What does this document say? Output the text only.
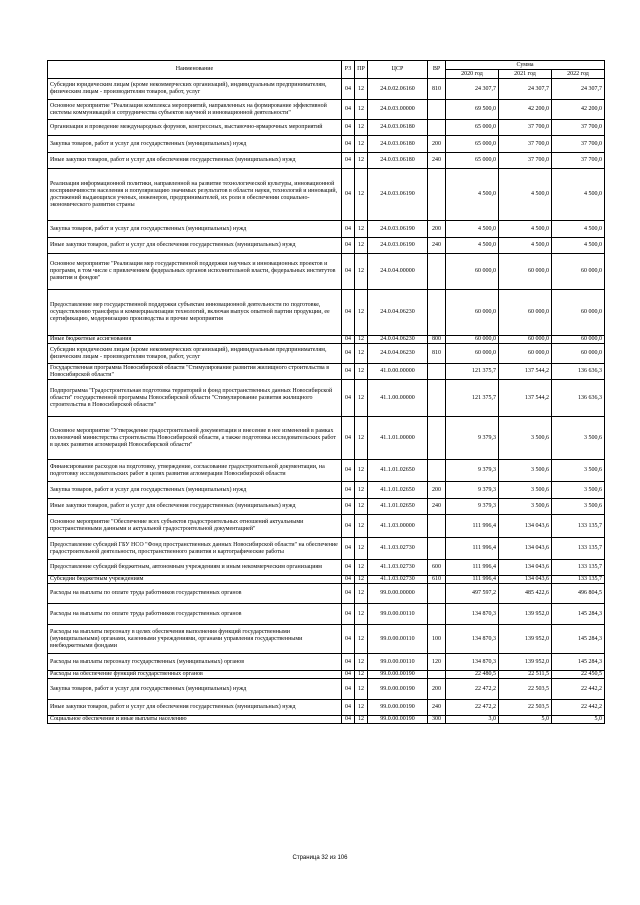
Наименование	РЗ	ПР	ЦСР	ВР	Сумма		
					2020 год	2021 год	2022 год
Субсидии юридическим лицам (кроме некоммерческих организаций), индивидуальным предпринимателям, физическим лицам - производителям товаров, работ, услуг	04	12	24.0.02.06160	810	24 307,7	24 307,7	24 307,7
Основное мероприятие "Реализация комплекса мероприятий, направленных на формирование эффективной системы коммуникаций и сотрудничества субъектов научной и инновационной деятельности"	04	12	24.0.03.00000		69 500,0	42 200,0	42 200,0
Организация и проведение международных форумов, конгрессных, выставочно-ярмарочных мероприятий	04	12	24.0.03.06180		65 000,0	37 700,0	37 700,0
Закупка товаров, работ и услуг для государственных (муниципальных) нужд	04	12	24.0.03.06180	200	65 000,0	37 700,0	37 700,0
Иные закупки товаров, работ и услуг для обеспечения государственных (муниципальных) нужд	04	12	24.0.03.06180	240	65 000,0	37 700,0	37 700,0
Реализация информационной политики, направленной на развитие технологической культуры, инновационной восприимчивости населения и популяризацию значимых результатов в области науки, технологий и инноваций, достижений выдающихся ученых, инженеров, предпринимателей, их роли в обеспечении социально-экономического развития страны	04	12	24.0.03.06190		4 500,0	4 500,0	4 500,0
Закупка товаров, работ и услуг для государственных (муниципальных) нужд	04	12	24.0.03.06190	200	4 500,0	4 500,0	4 500,0
Иные закупки товаров, работ и услуг для обеспечения государственных (муниципальных) нужд	04	12	24.0.03.06190	240	4 500,0	4 500,0	4 500,0
Основное мероприятие "Реализация мер государственной поддержки научных и инновационных проектов и программ, в том числе с привлечением федеральных органов исполнительной власти, федеральных институтов развития и фондов"	04	12	24.0.04.00000		60 000,0	60 000,0	60 000,0
Предоставление мер государственной поддержки субъектам инновационной деятельности по подготовке, осуществлению трансфера и коммерциализации технологий, включая выпуск опытной партии продукции, ее сертификацию, модернизацию производства и прочие мероприятия	04	12	24.0.04.06230		60 000,0	60 000,0	60 000,0
Иные бюджетные ассигнования	04	12	24.0.04.06230	800	60 000,0	60 000,0	60 000,0
Субсидии юридическим лицам (кроме некоммерческих организаций), индивидуальным предпринимателям, физическим лицам - производителям товаров, работ, услуг	04	12	24.0.04.06230	810	60 000,0	60 000,0	60 000,0
Государственная программа Новосибирской области "Стимулирование развития жилищного строительства в Новосибирской области"	04	12	41.0.00.00000		121 375,7	137 544,2	136 636,3
Подпрограмма "Градостроительная подготовка территорий и фонд пространственных данных Новосибирской области" государственной программы Новосибирской области "Стимулирование развития жилищного строительства в Новосибирской области"	04	12	41.1.00.00000		121 375,7	137 544,2	136 636,3
Основное мероприятие "Утверждение градостроительной документации и внесение в нее изменений в рамках полномочий министерства строительства Новосибирской области, а также подготовка исследовательских работ в целях развития агломераций Новосибирской области"	04	12	41.1.01.00000		9 379,3	3 500,6	3 500,6
Финансирование расходов на подготовку, утверждение, согласование градостроительной документации, на подготовку исследовательских работ в целях развития агломерации Новосибирской области	04	12	41.1.01.02650		9 379,3	3 500,6	3 500,6
Закупка товаров, работ и услуг для государственных (муниципальных) нужд	04	12	41.1.01.02650	200	9 379,3	3 500,6	3 500,6
Иные закупки товаров, работ и услуг для обеспечения государственных (муниципальных) нужд	04	12	41.1.01.02650	240	9 379,3	3 500,6	3 500,6
Основное мероприятие "Обеспечение всех субъектов градостроительных отношений актуальными пространственными данными и актуальной градостроительной документацией"	04	12	41.1.03.00000		111 996,4	134 043,6	133 135,7
Предоставление субсидий ГБУ НСО "Фонд пространственных данных Новосибирской области" на обеспечение градостроительной деятельности, пространственного развития и картографические работы	04	12	41.1.03.02730		111 996,4	134 043,6	133 135,7
Предоставление субсидий бюджетным, автономным учреждениям и иным некоммерческим организациям	04	12	41.1.03.02730	600	111 996,4	134 043,6	133 135,7
Субсидии бюджетным учреждениям	04	12	41.1.03.02730	610	111 996,4	134 043,6	133 135,7
Расходы на выплаты по оплате труда работников государственных органов	04	12	99.0.00.00000		497 597,2	485 422,6	496 804,5
Расходы на выплаты по оплате труда работников государственных органов	04	12	99.0.00.00110		134 870,3	139 952,0	145 284,3
Расходы на выплаты персоналу в целях обеспечения выполнения функций государственными (муниципальными) органами, казенными учреждениями, органами управления государственными внебюджетными фондами	04	12	99.0.00.00110	100	134 870,3	139 952,0	145 284,3
Расходы на выплаты персоналу государственных (муниципальных) органов	04	12	99.0.00.00110	120	134 870,3	139 952,0	145 284,3
Расходы на обеспечение функций государственных органов	04	12	99.0.00.00190		22 480,5	22 511,5	22 450,5
Закупка товаров, работ и услуг для государственных (муниципальных) нужд	04	12	99.0.00.00190	200	22 472,2	22 503,5	22 442,2
Иные закупки товаров, работ и услуг для обеспечения государственных (муниципальных) нужд	04	12	99.0.00.00190	240	22 472,2	22 503,5	22 442,2
Социальное обеспечение и иные выплаты населению	04	12	99.0.00.00190	300	3,0	5,0	5,0
Страница 32 из 106
